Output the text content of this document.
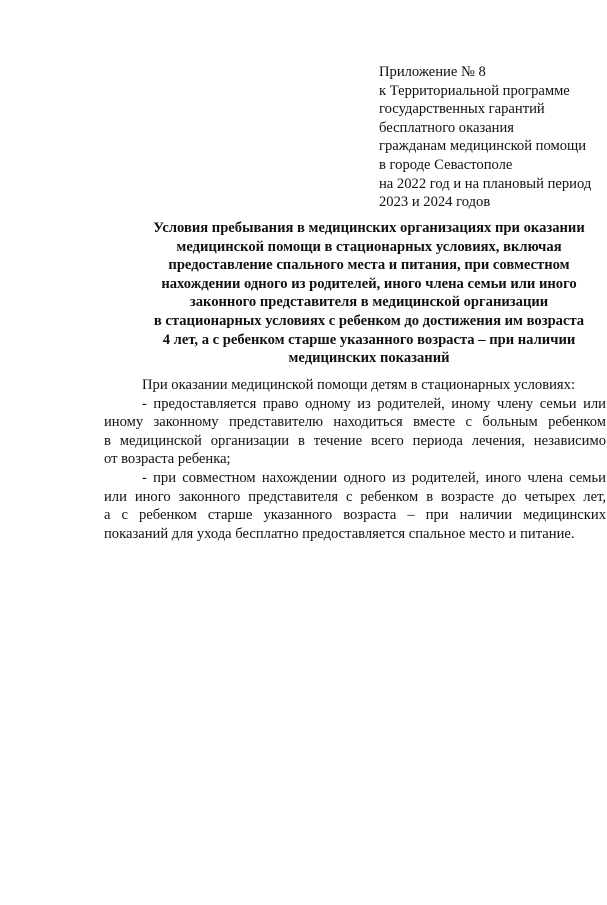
Приложение № 8
к Территориальной программе
государственных гарантий
бесплатного оказания
гражданам медицинской помощи
в городе Севастополе
на 2022 год и на плановый период
2023 и 2024 годов
Условия пребывания в медицинских организациях при оказании
медицинской помощи в стационарных условиях, включая
предоставление спального места и питания, при совместном
нахождении одного из родителей, иного члена семьи или иного
законного представителя в медицинской организации
в стационарных условиях с ребенком до достижения им возраста
4 лет, а с ребенком старше указанного возраста – при наличии
медицинских показаний
При оказании медицинской помощи детям в стационарных условиях:
- предоставляется право одному из родителей, иному члену семьи или
иному законному представителю находиться вместе с больным ребенком
в медицинской организации в течение всего периода лечения, независимо
от возраста ребенка;
- при совместном нахождении одного из родителей, иного члена семьи
или иного законного представителя с ребенком в возрасте до четырех лет,
а с ребенком старше указанного возраста – при наличии медицинских
показаний для ухода бесплатно предоставляется спальное место и питание.
